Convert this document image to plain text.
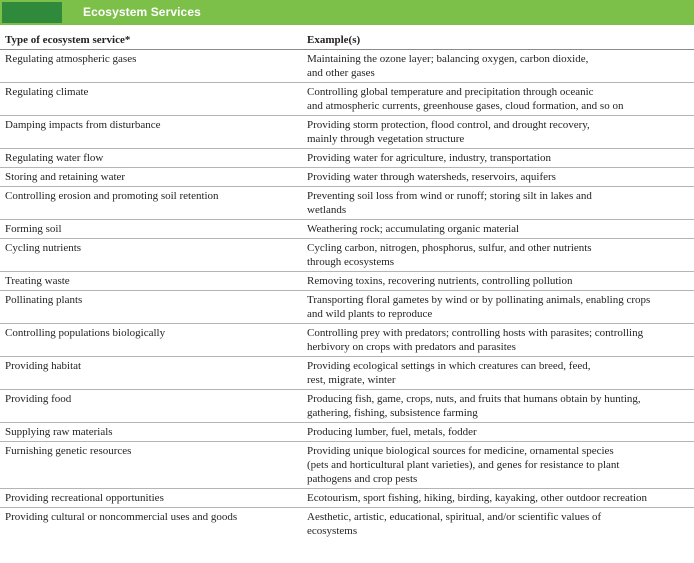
Ecosystem Services
Type of ecosystem service*	Example(s)
Regulating atmospheric gases	Maintaining the ozone layer; balancing oxygen, carbon dioxide,
and other gases
Regulating climate	Controlling global temperature and precipitation through oceanic
and atmospheric currents, greenhouse gases, cloud formation, and so on
Damping impacts from disturbance	Providing storm protection, flood control, and drought recovery,
mainly through vegetation structure
Regulating water flow	Providing water for agriculture, industry, transportation
Storing and retaining water	Providing water through watersheds, reservoirs, aquifers
Controlling erosion and promoting soil retention	Preventing soil loss from wind or runoff; storing silt in lakes and
wetlands
Forming soil	Weathering rock; accumulating organic material
Cycling nutrients	Cycling carbon, nitrogen, phosphorus, sulfur, and other nutrients
through ecosystems
Treating waste	Removing toxins, recovering nutrients, controlling pollution
Pollinating plants	Transporting floral gametes by wind or by pollinating animals, enabling crops
and wild plants to reproduce
Controlling populations biologically	Controlling prey with predators; controlling hosts with parasites; controlling
herbivory on crops with predators and parasites
Providing habitat	Providing ecological settings in which creatures can breed, feed,
rest, migrate, winter
Providing food	Producing fish, game, crops, nuts, and fruits that humans obtain by hunting,
gathering, fishing, subsistence farming
Supplying raw materials	Producing lumber, fuel, metals, fodder
Furnishing genetic resources	Providing unique biological sources for medicine, ornamental species
(pets and horticultural plant varieties), and genes for resistance to plant
pathogens and crop pests
Providing recreational opportunities	Ecotourism, sport fishing, hiking, birding, kayaking, other outdoor recreation
Providing cultural or noncommercial uses and goods	Aesthetic, artistic, educational, spiritual, and/or scientific values of
ecosystems
